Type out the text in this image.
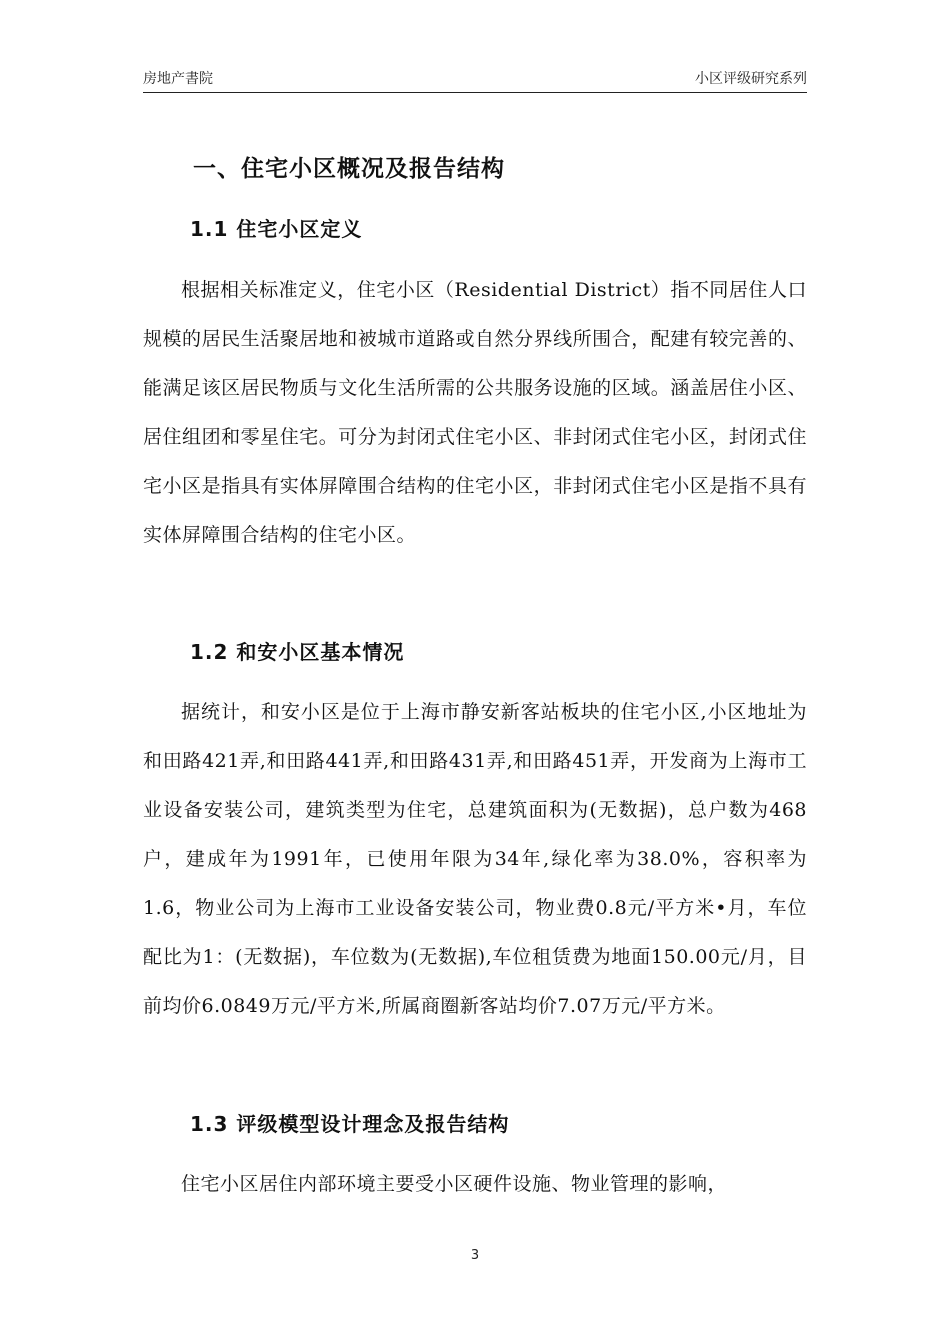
房地产書院	小区评级研究系列
一、住宅小区概况及报告结构
1.1 住宅小区定义

根据相关标准定义，住宅小区（Residential District）指不同居住人口规模的居民生活聚居地和被城市道路或自然分界线所围合，配建有较完善的、能满足该区居民物质与文化生活所需的公共服务设施的区域。涵盖居住小区、居住组团和零星住宅。可分为封闭式住宅小区、非封闭式住宅小区，封闭式住宅小区是指具有实体屏障围合结构的住宅小区，非封闭式住宅小区是指不具有实体屏障围合结构的住宅小区。

1.2 和安小区基本情况

据统计，和安小区是位于上海市静安新客站板块的住宅小区,小区地址为和田路421弄,和田路441弄,和田路431弄,和田路451弄，开发商为上海市工业设备安装公司，建筑类型为住宅，总建筑面积为(无数据)，总户数为468户，建成年为1991年，已使用年限为34年,绿化率为38.0%，容积率为1.6，物业公司为上海市工业设备安装公司，物业费0.8元/平方米•月，车位配比为1：(无数据)，车位数为(无数据),车位租赁费为地面150.00元/月，目前均价6.0849万元/平方米,所属商圈新客站均价7.07万元/平方米。

1.3 评级模型设计理念及报告结构

住宅小区居住内部环境主要受小区硬件设施、物业管理的影响，

3
